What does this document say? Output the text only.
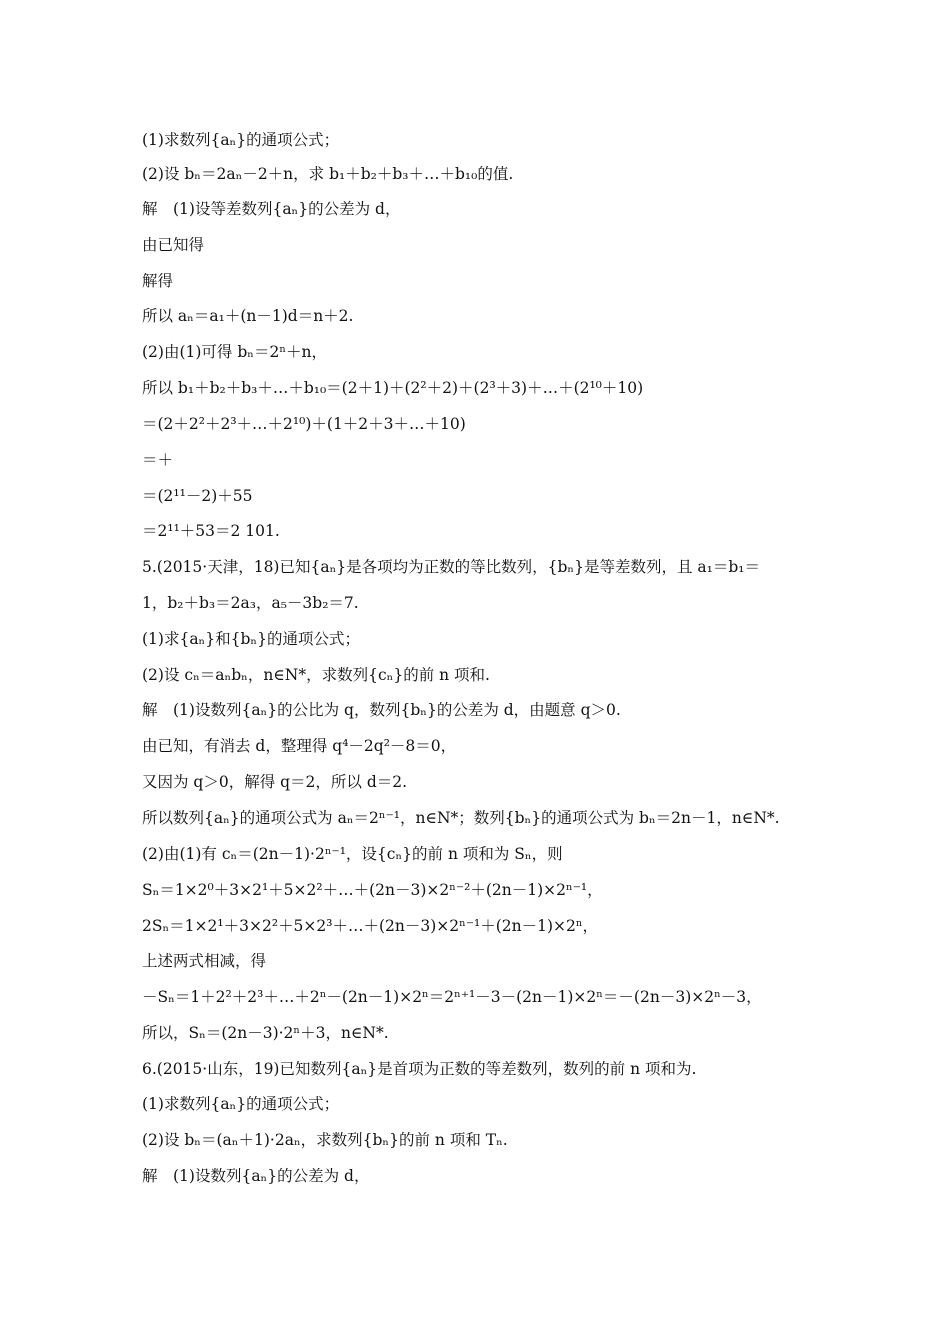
(1)求数列{aₙ}的通项公式；
(2)设 bₙ＝2aₙ－2＋n，求 b₁＋b₂＋b₃＋…＋b₁₀的值.
解　(1)设等差数列{aₙ}的公差为 d，
由已知得
解得
所以 aₙ＝a₁＋(n－1)d＝n＋2.
(2)由(1)可得 bₙ＝2ⁿ＋n，
所以 b₁＋b₂＋b₃＋…＋b₁₀＝(2＋1)＋(2²＋2)＋(2³＋3)＋…＋(2¹⁰＋10)
＝(2＋2²＋2³＋…＋2¹⁰)＋(1＋2＋3＋…＋10)
＝＋
＝(2¹¹－2)＋55
＝2¹¹＋53＝2 101.
5.(2015·天津，18)已知{aₙ}是各项均为正数的等比数列，{bₙ}是等差数列，且 a₁＝b₁＝
1，b₂＋b₃＝2a₃，a₅－3b₂＝7.
(1)求{aₙ}和{bₙ}的通项公式；
(2)设 cₙ＝aₙbₙ，n∈N*，求数列{cₙ}的前 n 项和.
解　(1)设数列{aₙ}的公比为 q，数列{bₙ}的公差为 d，由题意 q＞0.
由已知，有消去 d，整理得 q⁴－2q²－8＝0，
又因为 q＞0，解得 q＝2，所以 d＝2.
所以数列{aₙ}的通项公式为 aₙ＝2ⁿ⁻¹，n∈N*；数列{bₙ}的通项公式为 bₙ＝2n－1，n∈N*.
(2)由(1)有 cₙ＝(2n－1)·2ⁿ⁻¹，设{cₙ}的前 n 项和为 Sₙ，则
Sₙ＝1×2⁰＋3×2¹＋5×2²＋…＋(2n－3)×2ⁿ⁻²＋(2n－1)×2ⁿ⁻¹，
2Sₙ＝1×2¹＋3×2²＋5×2³＋…＋(2n－3)×2ⁿ⁻¹＋(2n－1)×2ⁿ，
上述两式相减，得
－Sₙ＝1＋2²＋2³＋…＋2ⁿ－(2n－1)×2ⁿ＝2ⁿ⁺¹－3－(2n－1)×2ⁿ＝－(2n－3)×2ⁿ－3，
所以，Sₙ＝(2n－3)·2ⁿ＋3，n∈N*.
6.(2015·山东，19)已知数列{aₙ}是首项为正数的等差数列，数列的前 n 项和为.
(1)求数列{aₙ}的通项公式；
(2)设 bₙ＝(aₙ＋1)·2aₙ，求数列{bₙ}的前 n 项和 Tₙ.
解　(1)设数列{aₙ}的公差为 d，
